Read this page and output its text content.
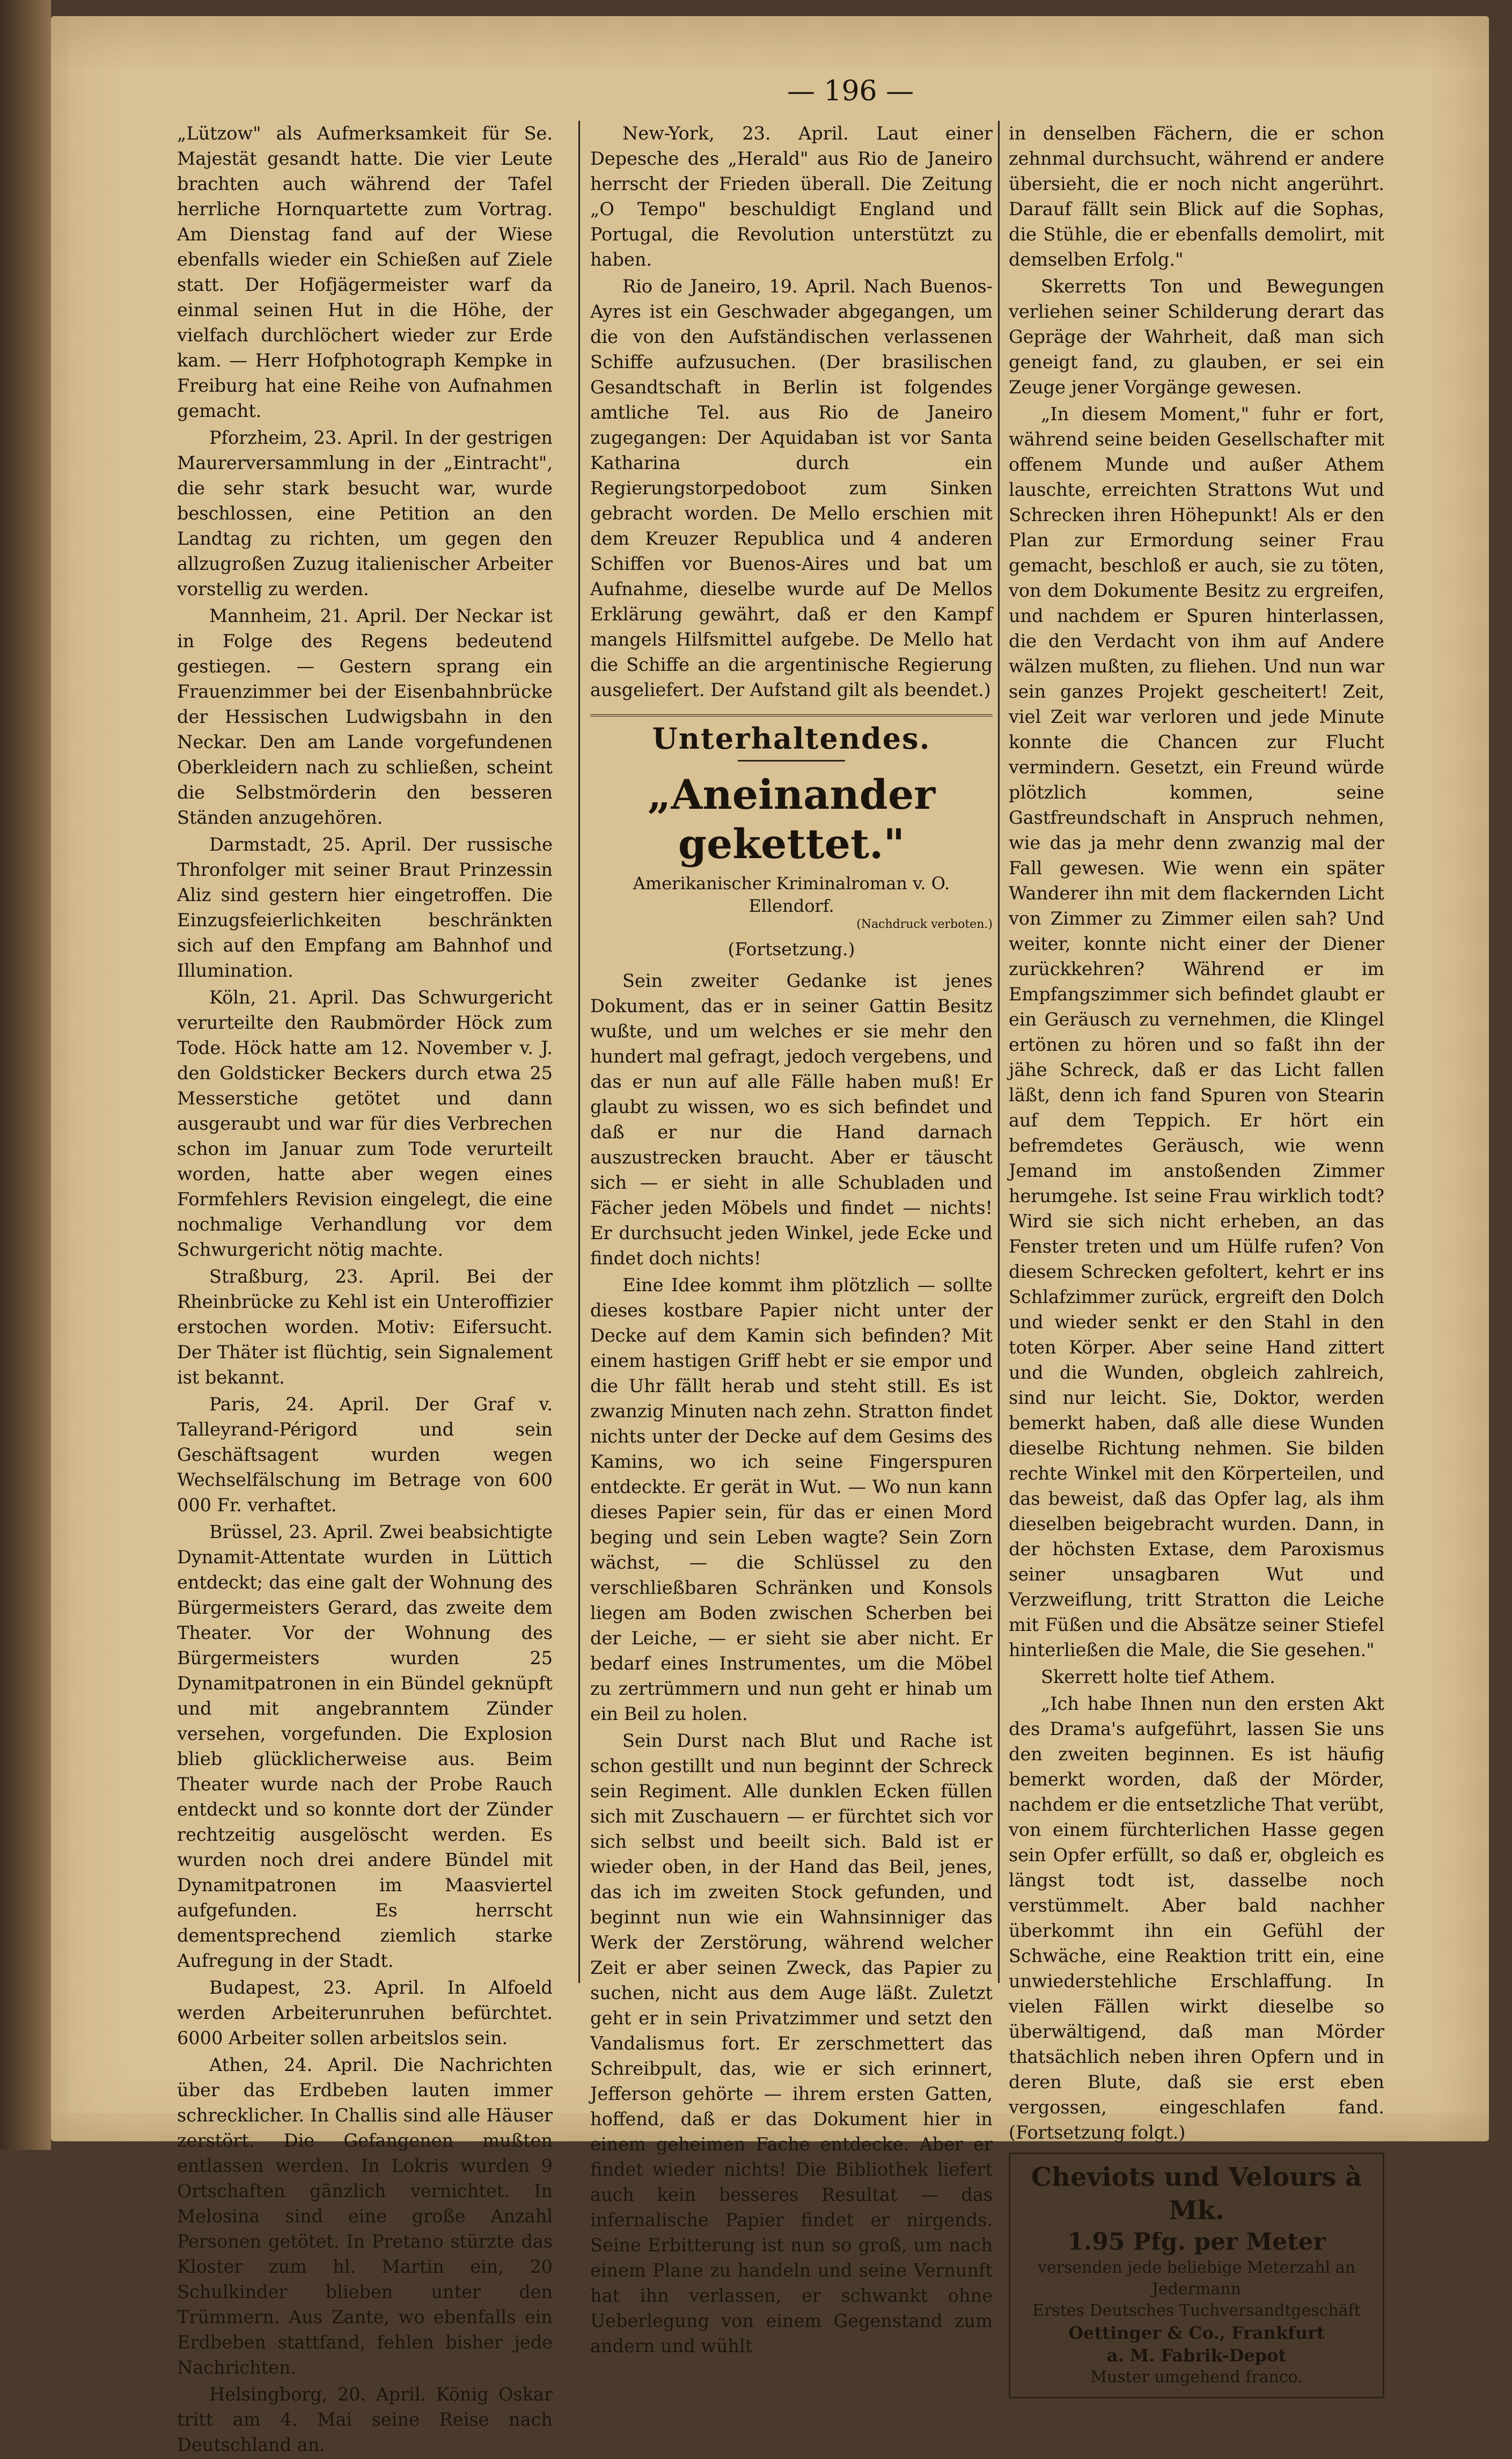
— 196 —

„Lützow" als Aufmerksamkeit für Se. Majestät gesandt hatte. Die vier Leute brachten auch während der Tafel herrliche Hornquartette zum Vortrag. Am Dienstag fand auf der Wiese ebenfalls wieder ein Schießen auf Ziele statt. Der Hofjägermeister warf da einmal seinen Hut in die Höhe, der vielfach durchlöchert wieder zur Erde kam. — Herr Hofphotograph Kempke in Freiburg hat eine Reihe von Aufnahmen gemacht.

Pforzheim, 23. April. In der gestrigen Maurerversammlung in der „Eintracht", die sehr stark besucht war, wurde beschlossen, eine Petition an den Landtag zu richten, um gegen den allzugroßen Zuzug italienischer Arbeiter vorstellig zu werden.

Mannheim, 21. April. Der Neckar ist in Folge des Regens bedeutend gestiegen. — Gestern sprang ein Frauenzimmer bei der Eisenbahnbrücke der Hessischen Ludwigsbahn in den Neckar. Den am Lande vorgefundenen Oberkleidern nach zu schließen, scheint die Selbstmörderin den besseren Ständen anzugehören.

Darmstadt, 25. April. Der russische Thronfolger mit seiner Braut Prinzessin Aliz sind gestern hier eingetroffen. Die Einzugsfeierlichkeiten beschränkten sich auf den Empfang am Bahnhof und Illumination.

Köln, 21. April. Das Schwurgericht verurteilte den Raubmörder Höck zum Tode. Höck hatte am 12. November v. J. den Goldsticker Beckers durch etwa 25 Messerstiche getötet und dann ausgeraubt und war für dies Verbrechen schon im Januar zum Tode verurteilt worden, hatte aber wegen eines Formfehlers Revision eingelegt, die eine nochmalige Verhandlung vor dem Schwurgericht nötig machte.

Straßburg, 23. April. Bei der Rheinbrücke zu Kehl ist ein Unteroffizier erstochen worden. Motiv: Eifersucht. Der Thäter ist flüchtig, sein Signalement ist bekannt.

Paris, 24. April. Der Graf v. Talleyrand-Périgord und sein Geschäftsagent wurden wegen Wechselfälschung im Betrage von 600 000 Fr. verhaftet.

Brüssel, 23. April. Zwei beabsichtigte Dynamit-Attentate wurden in Lüttich entdeckt; das eine galt der Wohnung des Bürgermeisters Gerard, das zweite dem Theater. Vor der Wohnung des Bürgermeisters wurden 25 Dynamitpatronen in ein Bündel geknüpft und mit angebranntem Zünder versehen, vorgefunden. Die Explosion blieb glücklicherweise aus. Beim Theater wurde nach der Probe Rauch entdeckt und so konnte dort der Zünder rechtzeitig ausgelöscht werden. Es wurden noch drei andere Bündel mit Dynamitpatronen im Maasviertel aufgefunden. Es herrscht dementsprechend ziemlich starke Aufregung in der Stadt.

Budapest, 23. April. In Alfoeld werden Arbeiterunruhen befürchtet. 6000 Arbeiter sollen arbeitslos sein.

Athen, 24. April. Die Nachrichten über das Erdbeben lauten immer schrecklicher. In Challis sind alle Häuser zerstört. Die Gefangenen mußten entlassen werden. In Lokris wurden 9 Ortschaften gänzlich vernichtet. In Melosina sind eine große Anzahl Personen getötet. In Pretano stürzte das Kloster zum hl. Martin ein, 20 Schulkinder blieben unter den Trümmern. Aus Zante, wo ebenfalls ein Erdbeben stattfand, fehlen bisher jede Nachrichten.

Helsingborg, 20. April. König Oskar tritt am 4. Mai seine Reise nach Deutschland an.

New-York, 23. April. Laut einer Depesche des „Herald" aus Rio de Janeiro herrscht der Frieden überall. Die Zeitung „O Tempo" beschuldigt England und Portugal, die Revolution unterstützt zu haben.

Rio de Janeiro, 19. April. Nach Buenos-Ayres ist ein Geschwader abgegangen, um die von den Aufständischen verlassenen Schiffe aufzusuchen. (Der brasilischen Gesandtschaft in Berlin ist folgendes amtliche Tel. aus Rio de Janeiro zugegangen: Der Aquidaban ist vor Santa Katharina durch ein Regierungstorpedoboot zum Sinken gebracht worden. De Mello erschien mit dem Kreuzer Republica und 4 anderen Schiffen vor Buenos-Aires und bat um Aufnahme, dieselbe wurde auf De Mellos Erklärung gewährt, daß er den Kampf mangels Hilfsmittel aufgebe. De Mello hat die Schiffe an die argentinische Regierung ausgeliefert. Der Aufstand gilt als beendet.)

Unterhaltendes.
„Aneinander gekettet."
Amerikanischer Kriminalroman v. O. Ellendorf.
(Nachdruck verboten.)
(Fortsetzung.)

Sein zweiter Gedanke ist jenes Dokument, das er in seiner Gattin Besitz wußte, und um welches er sie mehr den hundert mal gefragt, jedoch vergebens, und das er nun auf alle Fälle haben muß! Er glaubt zu wissen, wo es sich befindet und daß er nur die Hand darnach auszustrecken braucht. Aber er täuscht sich — er sieht in alle Schubladen und Fächer jeden Möbels und findet — nichts! Er durchsucht jeden Winkel, jede Ecke und findet doch nichts!

Eine Idee kommt ihm plötzlich — sollte dieses kostbare Papier nicht unter der Decke auf dem Kamin sich befinden? Mit einem hastigen Griff hebt er sie empor und die Uhr fällt herab und steht still. Es ist zwanzig Minuten nach zehn. Stratton findet nichts unter der Decke auf dem Gesims des Kamins, wo ich seine Fingerspuren entdeckte. Er gerät in Wut. — Wo nun kann dieses Papier sein, für das er einen Mord beging und sein Leben wagte? Sein Zorn wächst, — die Schlüssel zu den verschließbaren Schränken und Konsols liegen am Boden zwischen Scherben bei der Leiche, — er sieht sie aber nicht. Er bedarf eines Instrumentes, um die Möbel zu zertrümmern und nun geht er hinab um ein Beil zu holen.

Sein Durst nach Blut und Rache ist schon gestillt und nun beginnt der Schreck sein Regiment. Alle dunklen Ecken füllen sich mit Zuschauern — er fürchtet sich vor sich selbst und beeilt sich. Bald ist er wieder oben, in der Hand das Beil, jenes, das ich im zweiten Stock gefunden, und beginnt nun wie ein Wahnsinniger das Werk der Zerstörung, während welcher Zeit er aber seinen Zweck, das Papier zu suchen, nicht aus dem Auge läßt. Zuletzt geht er in sein Privatzimmer und setzt den Vandalismus fort. Er zerschmettert das Schreibpult, das, wie er sich erinnert, Jefferson gehörte — ihrem ersten Gatten, hoffend, daß er das Dokument hier in einem geheimen Fache entdecke. Aber er findet wieder nichts! Die Bibliothek liefert auch kein besseres Resultat — das infernalische Papier findet er nirgends. Seine Erbitterung ist nun so groß, um nach einem Plane zu handeln und seine Vernunft hat ihn verlassen, er schwankt ohne Ueberlegung von einem Gegenstand zum andern und wühlt

in denselben Fächern, die er schon zehnmal durchsucht, während er andere übersieht, die er noch nicht angerührt. Darauf fällt sein Blick auf die Sophas, die Stühle, die er ebenfalls demolirt, mit demselben Erfolg."

Skerretts Ton und Bewegungen verliehen seiner Schilderung derart das Gepräge der Wahrheit, daß man sich geneigt fand, zu glauben, er sei ein Zeuge jener Vorgänge gewesen.

„In diesem Moment," fuhr er fort, während seine beiden Gesellschafter mit offenem Munde und außer Athem lauschte, erreichten Strattons Wut und Schrecken ihren Höhepunkt! Als er den Plan zur Ermordung seiner Frau gemacht, beschloß er auch, sie zu töten, von dem Dokumente Besitz zu ergreifen, und nachdem er Spuren hinterlassen, die den Verdacht von ihm auf Andere wälzen mußten, zu fliehen. Und nun war sein ganzes Projekt gescheitert! Zeit, viel Zeit war verloren und jede Minute konnte die Chancen zur Flucht vermindern. Gesetzt, ein Freund würde plötzlich kommen, seine Gastfreundschaft in Anspruch nehmen, wie das ja mehr denn zwanzig mal der Fall gewesen. Wie wenn ein später Wanderer ihn mit dem flackernden Licht von Zimmer zu Zimmer eilen sah? Und weiter, konnte nicht einer der Diener zurückkehren? Während er im Empfangszimmer sich befindet glaubt er ein Geräusch zu vernehmen, die Klingel ertönen zu hören und so faßt ihn der jähe Schreck, daß er das Licht fallen läßt, denn ich fand Spuren von Stearin auf dem Teppich. Er hört ein befremdetes Geräusch, wie wenn Jemand im anstoßenden Zimmer herumgehe. Ist seine Frau wirklich todt? Wird sie sich nicht erheben, an das Fenster treten und um Hülfe rufen? Von diesem Schrecken gefoltert, kehrt er ins Schlafzimmer zurück, ergreift den Dolch und wieder senkt er den Stahl in den toten Körper. Aber seine Hand zittert und die Wunden, obgleich zahlreich, sind nur leicht. Sie, Doktor, werden bemerkt haben, daß alle diese Wunden dieselbe Richtung nehmen. Sie bilden rechte Winkel mit den Körperteilen, und das beweist, daß das Opfer lag, als ihm dieselben beigebracht wurden. Dann, in der höchsten Extase, dem Paroxismus seiner unsagbaren Wut und Verzweiflung, tritt Stratton die Leiche mit Füßen und die Absätze seiner Stiefel hinterließen die Male, die Sie gesehen."

Skerrett holte tief Athem.

„Ich habe Ihnen nun den ersten Akt des Drama's aufgeführt, lassen Sie uns den zweiten beginnen. Es ist häufig bemerkt worden, daß der Mörder, nachdem er die entsetzliche That verübt, von einem fürchterlichen Hasse gegen sein Opfer erfüllt, so daß er, obgleich es längst todt ist, dasselbe noch verstümmelt. Aber bald nachher überkommt ihn ein Gefühl der Schwäche, eine Reaktion tritt ein, eine unwiederstehliche Erschlaffung. In vielen Fällen wirkt dieselbe so überwältigend, daß man Mörder thatsächlich neben ihren Opfern und in deren Blute, daß sie erst eben vergossen, eingeschlafen fand. (Fortsetzung folgt.)

Cheviots und Velours à Mk.
1.95 Pfg. per Meter
versenden jede beliebige Meterzahl an
Jedermann
Erstes Deutsches Tuchversandtgeschäft
Oettinger & Co., Frankfurt
a. M. Fabrik-Depot
Muster umgehend franco.
